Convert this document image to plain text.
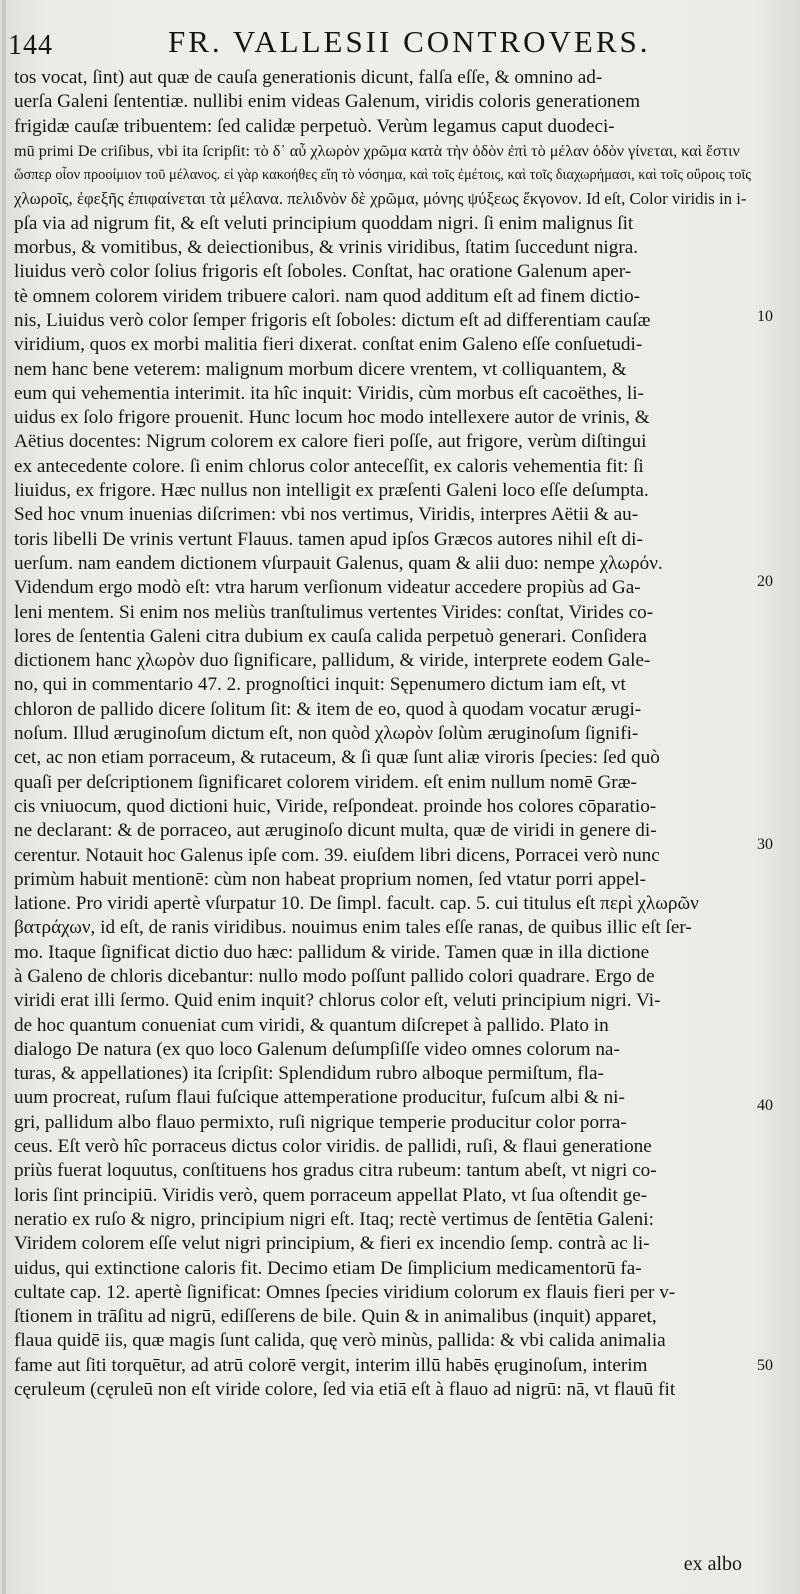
144	FR. VALLESII CONTROVERS.
tos vocat, ſint) aut quæ de cauſa generationis dicunt, falſa eſſe, & omnino ad-
uerſa Galeni ſententiæ. nullibi enim videas Galenum, viridis coloris generationem
frigidæ cauſæ tribuentem: ſed calidæ perpetuò. Verùm legamus caput duodeci-
mū primi De criſibus, vbi ita ſcripſit: τὸ δ᾽ αὖ χλωρὸν χρῶμα κατὰ τὴν ὁδὸν ἐπὶ τὸ μέλαν ὁδὸν γίνεται, καὶ ἔστιν
ὥσπερ οἷον προοίμιον τοῦ μέλανος. εἰ γὰρ κακοήθες εἴη τὸ νόσημα, καὶ τοῖς ἐμέτοις, καὶ τοῖς διαχωρήμασι, καὶ τοῖς οὔροις τοῖς
χλωροῖς, ἐφεξῆς ἐπιφαίνεται τὰ μέλανα. πελιδνὸν δὲ χρῶμα, μόνης ψύξεως ἔκγονον. Id eſt, Color viridis in i-
pſa via ad nigrum fit, & eſt veluti principium quoddam nigri. ſi enim malignus ſit
morbus, & vomitibus, & deiectionibus, & vrinis viridibus, ſtatim ſuccedunt nigra.
liuidus verò color ſolius frigoris eſt ſoboles. Conſtat, hac oratione Galenum aper-
tè omnem colorem viridem tribuere calori. nam quod additum eſt ad finem dictio-
nis, Liuidus verò color ſemper frigoris eſt ſoboles: dictum eſt ad differentiam cauſæ
viridium, quos ex morbi malitia fieri dixerat. conſtat enim Galeno eſſe conſuetudi-
nem hanc bene veterem: malignum morbum dicere vrentem, vt colliquantem, &
eum qui vehementia interimit. ita hîc inquit: Viridis, cùm morbus eſt cacoëthes, li-
uidus ex ſolo frigore prouenit. Hunc locum hoc modo intellexere autor de vrinis, &
Aëtius docentes: Nigrum colorem ex calore fieri poſſe, aut frigore, verùm diſtingui
ex antecedente colore. ſi enim chlorus color anteceſſit, ex caloris vehementia fit: ſi
liuidus, ex frigore. Hæc nullus non intelligit ex præſenti Galeni loco eſſe deſumpta.
Sed hoc vnum inuenias diſcrimen: vbi nos vertimus, Viridis, interpres Aëtii & au-
toris libelli De vrinis vertunt Flauus. tamen apud ipſos Græcos autores nihil eſt di-
uerſum. nam eandem dictionem vſurpauit Galenus, quam & alii duo: nempe χλωρόν.
Videndum ergo modò eſt: vtra harum verſionum videatur accedere propiùs ad Ga-
leni mentem. Si enim nos meliùs tranſtulimus vertentes Virides: conſtat, Virides co-
lores de ſententia Galeni citra dubium ex cauſa calida perpetuò generari. Conſidera
dictionem hanc χλωρὸν duo ſignificare, pallidum, & viride, interprete eodem Gale-
no, qui in commentario 47. 2. prognoſtici inquit: Sępenumero dictum iam eſt, vt
chloron de pallido dicere ſolitum ſit: & item de eo, quod à quodam vocatur ærugi-
noſum. Illud æruginoſum dictum eſt, non quòd χλωρὸν ſolùm æruginoſum ſignifi-
cet, ac non etiam porraceum, & rutaceum, & ſi quæ ſunt aliæ viroris ſpecies: ſed quò
quaſi per deſcriptionem ſignificaret colorem viridem. eſt enim nullum nomē Græ-
cis vniuocum, quod dictioni huic, Viride, reſpondeat. proinde hos colores cōparatio-
ne declarant: & de porraceo, aut æruginoſo dicunt multa, quæ de viridi in genere di-
cerentur. Notauit hoc Galenus ipſe com. 39. eiuſdem libri dicens, Porracei verò nunc
primùm habuit mentionē: cùm non habeat proprium nomen, ſed vtatur porri appel-
latione. Pro viridi apertè vſurpatur 10. De ſimpl. facult. cap. 5. cui titulus eſt περὶ χλωρῶν
βατράχων, id eſt, de ranis viridibus. nouimus enim tales eſſe ranas, de quibus illic eſt ſer-
mo. Itaque ſignificat dictio duo hæc: pallidum & viride. Tamen quæ in illa dictione
à Galeno de chloris dicebantur: nullo modo poſſunt pallido colori quadrare. Ergo de
viridi erat illi ſermo. Quid enim inquit? chlorus color eſt, veluti principium nigri. Vi-
de hoc quantum conueniat cum viridi, & quantum diſcrepet à pallido. Plato in
dialogo De natura (ex quo loco Galenum deſumpſiſſe video omnes colorum na-
turas, & appellationes) ita ſcripſit: Splendidum rubro alboque permiſtum, fla-
uum procreat, ruſum flaui fuſcique attemperatione producitur, fuſcum albi & ni-
gri, pallidum albo flauo permixto, ruſi nigrique temperie producitur color porra-
ceus. Eſt verò hîc porraceus dictus color viridis. de pallidi, ruſi, & flaui generatione
priùs fuerat loquutus, conſtituens hos gradus citra rubeum: tantum abeſt, vt nigri co-
loris ſint principiū. Viridis verò, quem porraceum appellat Plato, vt ſua oſtendit ge-
neratio ex ruſo & nigro, principium nigri eſt. Itaq; rectè vertimus de ſentētia Galeni:
Viridem colorem eſſe velut nigri principium, & fieri ex incendio ſemp. contrà ac li-
uidus, qui extinctione caloris fit. Decimo etiam De ſimplicium medicamentorū fa-
cultate cap. 12. apertè ſignificat: Omnes ſpecies viridium colorum ex flauis fieri per v-
ſtionem in trāſitu ad nigrū, ediſſerens de bile. Quin & in animalibus (inquit) apparet,
flaua quidē iis, quæ magis ſunt calida, quę verò minùs, pallida: & vbi calida animalia
fame aut ſiti torquētur, ad atrū colorē vergit, interim illū habēs ęruginoſum, interim
cęruleum (cęruleū non eſt viride colore, ſed via etiā eſt à flauo ad nigrū: nā, vt flauū fit
10
20
30
40
50
ex albo
